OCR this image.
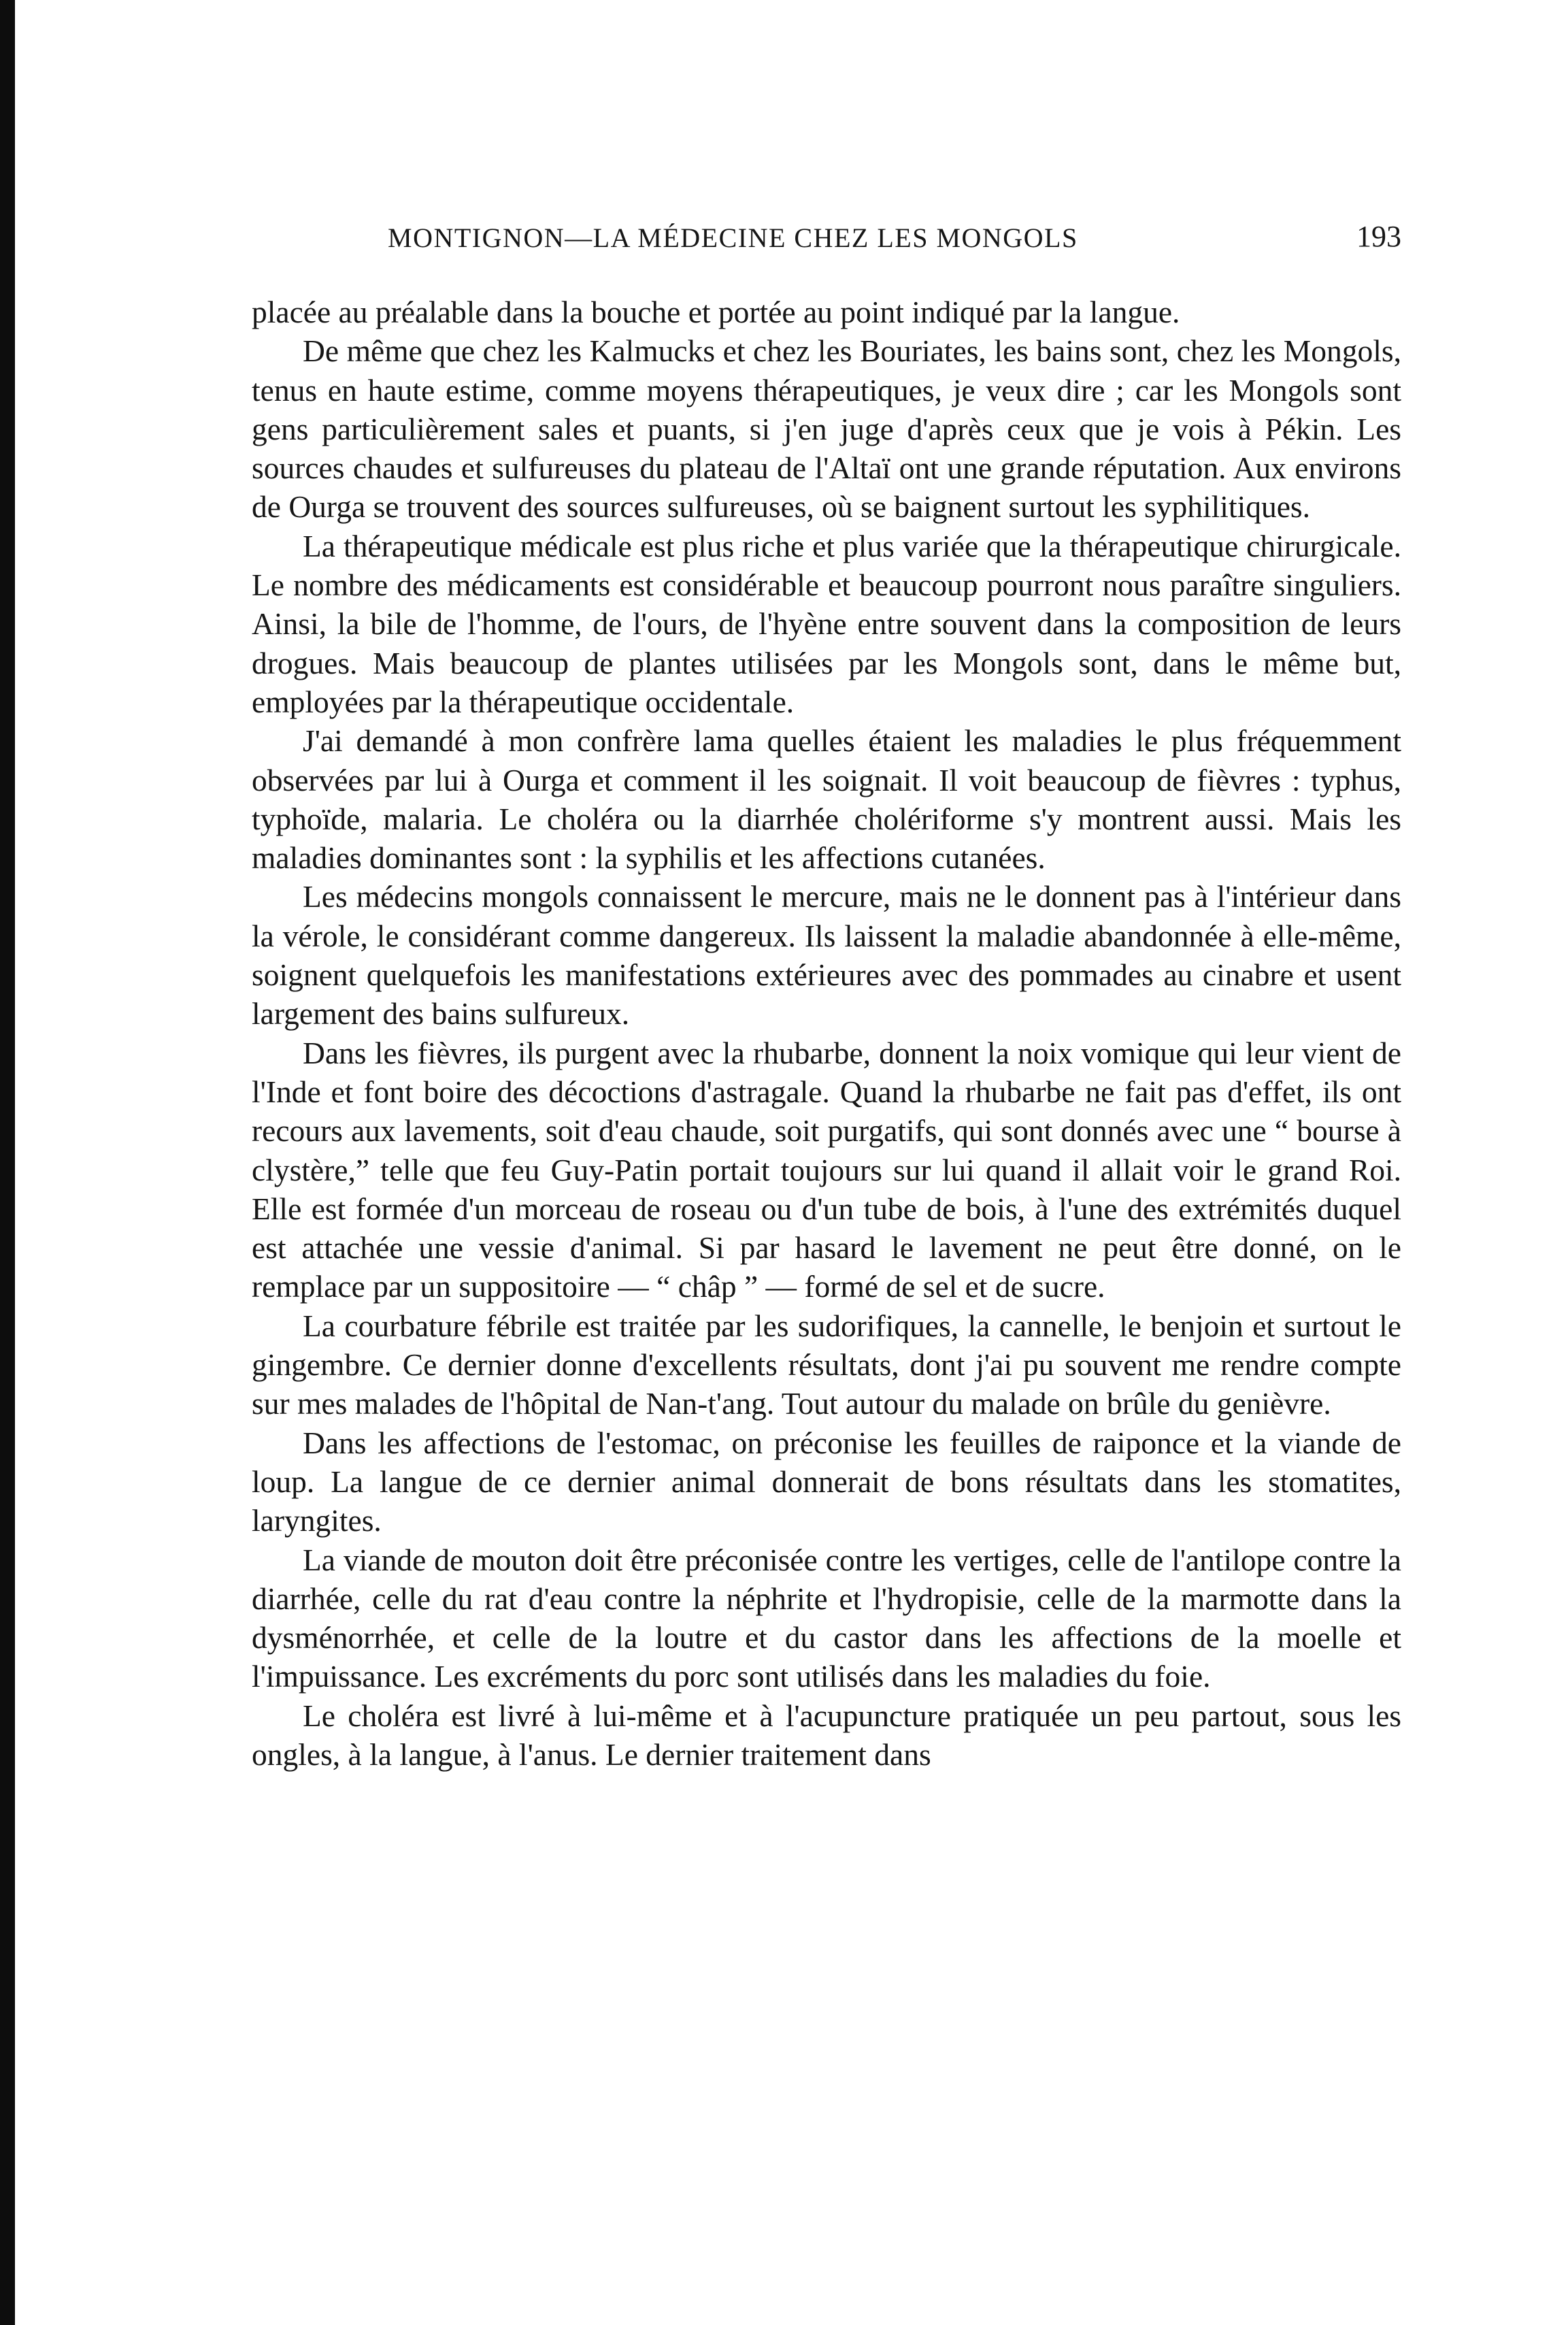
MONTIGNON—LA MÉDECINE CHEZ LES MONGOLS	193

placée au préalable dans la bouche et portée au point indiqué par la langue.

De même que chez les Kalmucks et chez les Bouriates, les bains sont, chez les Mongols, tenus en haute estime, comme moyens thérapeutiques, je veux dire ; car les Mongols sont gens particulièrement sales et puants, si j'en juge d'après ceux que je vois à Pékin. Les sources chaudes et sulfureuses du plateau de l'Altaï ont une grande réputation. Aux environs de Ourga se trouvent des sources sulfureuses, où se baignent surtout les syphilitiques.

La thérapeutique médicale est plus riche et plus variée que la thérapeutique chirurgicale. Le nombre des médicaments est considérable et beaucoup pourront nous paraître singuliers. Ainsi, la bile de l'homme, de l'ours, de l'hyène entre souvent dans la composition de leurs drogues. Mais beaucoup de plantes utilisées par les Mongols sont, dans le même but, employées par la thérapeutique occidentale.

J'ai demandé à mon confrère lama quelles étaient les maladies le plus fréquemment observées par lui à Ourga et comment il les soignait. Il voit beaucoup de fièvres : typhus, typhoïde, malaria. Le choléra ou la diarrhée cholériforme s'y montrent aussi. Mais les maladies dominantes sont : la syphilis et les affections cutanées.

Les médecins mongols connaissent le mercure, mais ne le donnent pas à l'intérieur dans la vérole, le considérant comme dangereux. Ils laissent la maladie abandonnée à elle-même, soignent quelquefois les manifestations extérieures avec des pommades au cinabre et usent largement des bains sulfureux.

Dans les fièvres, ils purgent avec la rhubarbe, donnent la noix vomique qui leur vient de l'Inde et font boire des décoctions d'astragale. Quand la rhubarbe ne fait pas d'effet, ils ont recours aux lavements, soit d'eau chaude, soit purgatifs, qui sont donnés avec une “ bourse à clystère,” telle que feu Guy-Patin portait toujours sur lui quand il allait voir le grand Roi. Elle est formée d'un morceau de roseau ou d'un tube de bois, à l'une des extrémités duquel est attachée une vessie d'animal. Si par hasard le lavement ne peut être donné, on le remplace par un suppositoire — “ châp ” — formé de sel et de sucre.

La courbature fébrile est traitée par les sudorifiques, la cannelle, le benjoin et surtout le gingembre. Ce dernier donne d'excellents résultats, dont j'ai pu souvent me rendre compte sur mes malades de l'hôpital de Nan-t'ang. Tout autour du malade on brûle du genièvre.

Dans les affections de l'estomac, on préconise les feuilles de raiponce et la viande de loup. La langue de ce dernier animal donnerait de bons résultats dans les stomatites, laryngites.

La viande de mouton doit être préconisée contre les vertiges, celle de l'antilope contre la diarrhée, celle du rat d'eau contre la néphrite et l'hydropisie, celle de la marmotte dans la dysménorrhée, et celle de la loutre et du castor dans les affections de la moelle et l'impuissance. Les excréments du porc sont utilisés dans les maladies du foie.

Le choléra est livré à lui-même et à l'acupuncture pratiquée un peu partout, sous les ongles, à la langue, à l'anus. Le dernier traitement dans
